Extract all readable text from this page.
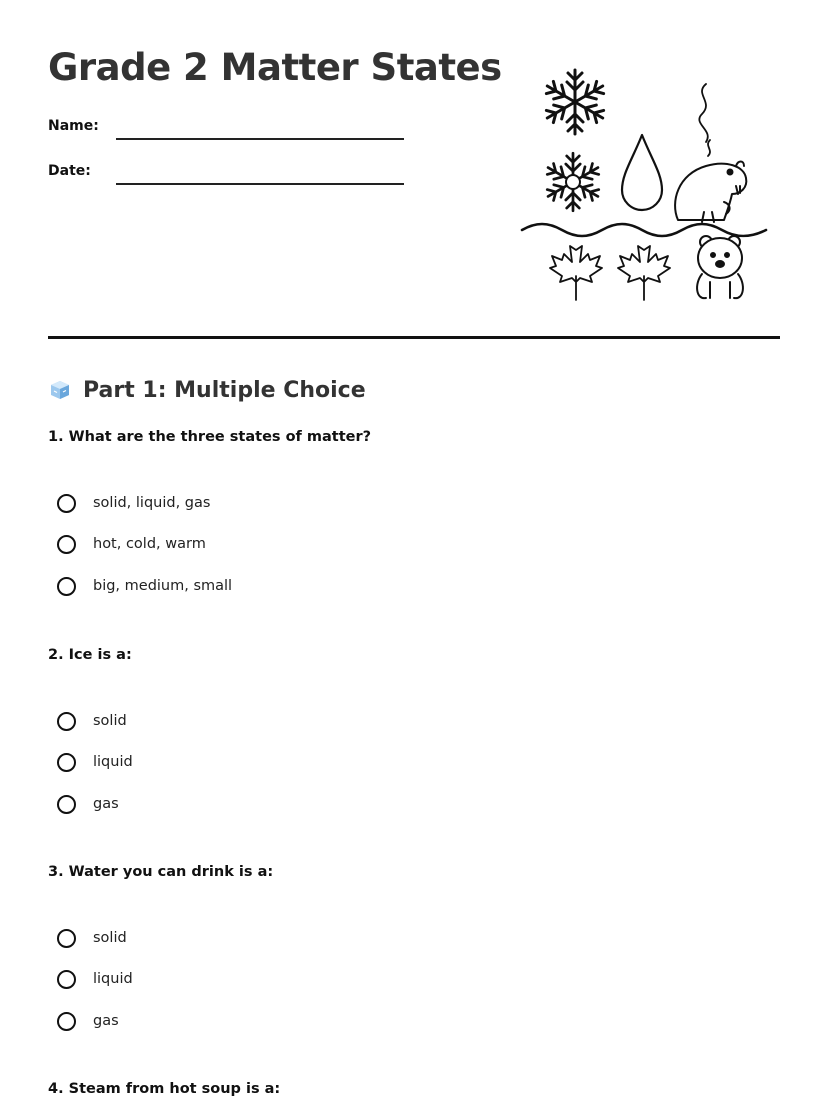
Grade 2 Matter States
Name:
Date:
Part 1: Multiple Choice
1. What are the three states of matter?
solid, liquid, gas
hot, cold, warm
big, medium, small
2. Ice is a:
solid
liquid
gas
3. Water you can drink is a:
solid
liquid
gas
4. Steam from hot soup is a:
